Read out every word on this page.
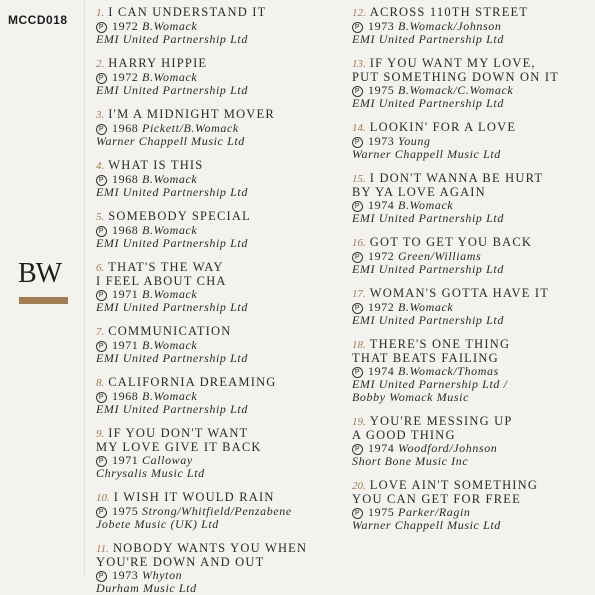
MCCD018
BW
1. I CAN UNDERSTAND IT
P 1972 B.Womack
EMI United Partnership Ltd
2. HARRY HIPPIE
P 1972 B.Womack
EMI United Partnership Ltd
3. I'M A MIDNIGHT MOVER
P 1968 Pickett/B.Womack
Warner Chappell Music Ltd
4. WHAT IS THIS
P 1968 B.Womack
EMI United Partnership Ltd
5. SOMEBODY SPECIAL
P 1968 B.Womack
EMI United Partnership Ltd
6. THAT'S THE WAY
I FEEL ABOUT CHA
P 1971 B.Womack
EMI United Partnership Ltd
7. COMMUNICATION
P 1971 B.Womack
EMI United Partnership Ltd
8. CALIFORNIA DREAMING
P 1968 B.Womack
EMI United Partnership Ltd
9. IF YOU DON'T WANT
MY LOVE GIVE IT BACK
P 1971 Calloway
Chrysalis Music Ltd
10. I WISH IT WOULD RAIN
P 1975 Strong/Whitfield/Penzabene
Jobete Music (UK) Ltd
11. NOBODY WANTS YOU WHEN
YOU'RE DOWN AND OUT
P 1973 Whyton
Durham Music Ltd
12. ACROSS 110TH STREET
P 1973 B.Womack/Johnson
EMI United Partnership Ltd
13. IF YOU WANT MY LOVE,
PUT SOMETHING DOWN ON IT
P 1975 B.Womack/C.Womack
EMI United Partnership Ltd
14. LOOKIN' FOR A LOVE
P 1973 Young
Warner Chappell Music Ltd
15. I DON'T WANNA BE HURT
BY YA LOVE AGAIN
P 1974 B.Womack
EMI United Partnership Ltd
16. GOT TO GET YOU BACK
P 1972 Green/Williams
EMI United Partnership Ltd
17. WOMAN'S GOTTA HAVE IT
P 1972 B.Womack
EMI United Partnership Ltd
18. THERE'S ONE THING
THAT BEATS FAILING
P 1974 B.Womack/Thomas
EMI United Parnership Ltd /
Bobby Womack Music
19. YOU'RE MESSING UP
A GOOD THING
P 1974 Woodford/Johnson
Short Bone Music Inc
20. LOVE AIN'T SOMETHING
YOU CAN GET FOR FREE
P 1975 Parker/Ragin
Warner Chappell Music Ltd
